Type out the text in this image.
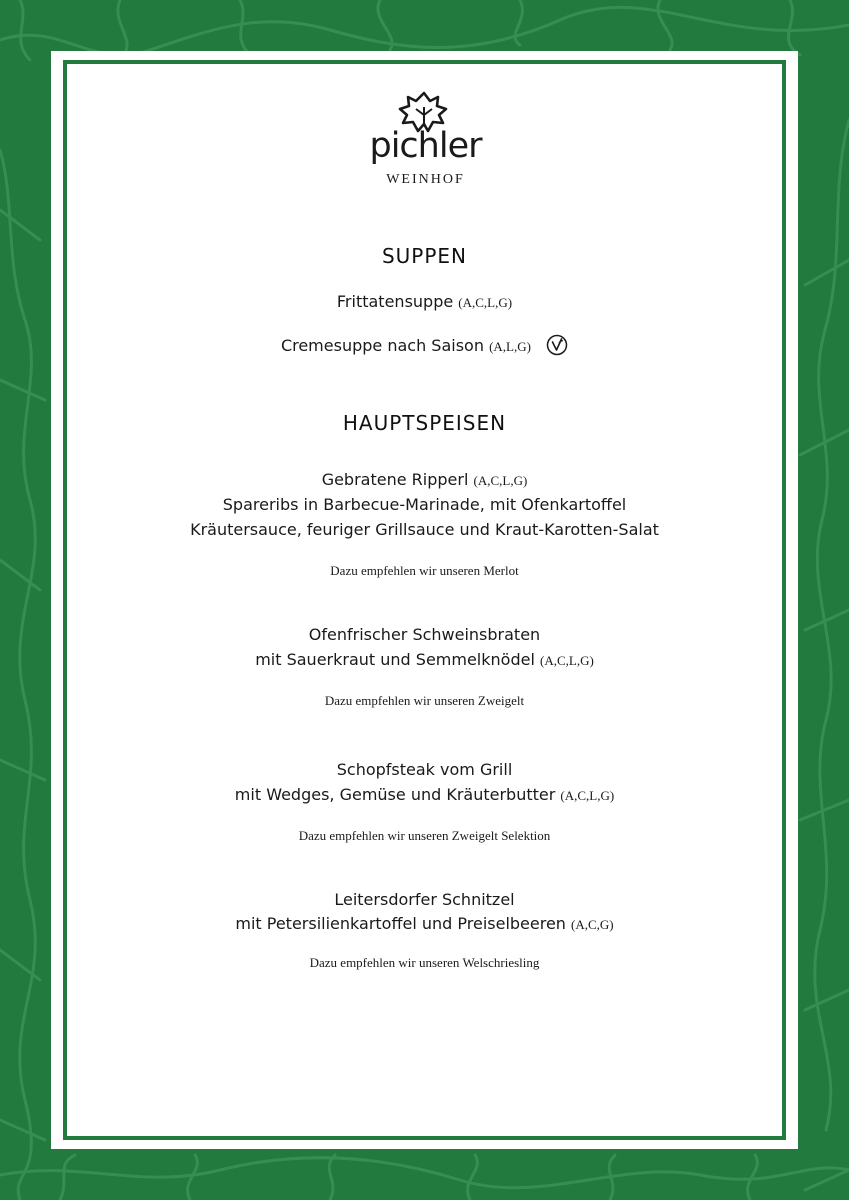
pichler
WEINHOF
SUPPEN
Frittatensuppe (A,C,L,G)
Cremesuppe nach Saison (A,L,G)
HAUPTSPEISEN
Gebratene Ripperl (A,C,L,G)
Spareribs in Barbecue-Marinade, mit Ofenkartoffel
Kräutersauce, feuriger Grillsauce und Kraut-Karotten-Salat
Dazu empfehlen wir unseren Merlot
Ofenfrischer Schweinsbraten
mit Sauerkraut und Semmelknödel (A,C,L,G)
Dazu empfehlen wir unseren Zweigelt
Schopfsteak vom Grill
mit Wedges, Gemüse und Kräuterbutter (A,C,L,G)
Dazu empfehlen wir unseren Zweigelt Selektion
Leitersdorfer Schnitzel
mit Petersilienkartoffel und Preiselbeeren (A,C,G)
Dazu empfehlen wir unseren Welschriesling
